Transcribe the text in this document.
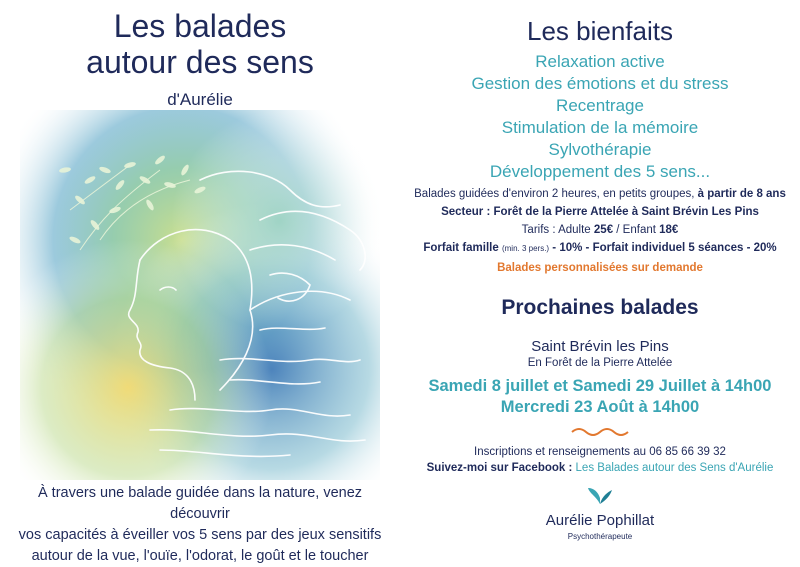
Les balades
autour des sens
d'Aurélie
À travers une balade guidée dans la nature, venez découvrir
vos capacités à éveiller vos 5 sens par des jeux sensitifs
autour de la vue, l'ouïe, l'odorat, le goût et le toucher
Les bienfaits
Relaxation active
Gestion des émotions et du stress
Recentrage
Stimulation de la mémoire
Sylvothérapie
Développement des 5 sens...
Balades guidées d'environ 2 heures, en petits groupes, à partir de 8 ans
Secteur : Forêt de la Pierre Attelée à Saint Brévin Les Pins
Tarifs : Adulte 25€ / Enfant 18€
Forfait famille (min. 3 pers.) - 10% - Forfait individuel 5 séances - 20%
Balades personnalisées sur demande
Prochaines balades
Saint Brévin les Pins
En Forêt de la Pierre Attelée
Samedi 8 juillet et Samedi 29 Juillet à 14h00
Mercredi 23 Août à 14h00
Inscriptions et renseignements au 06 85 66 39 32
Suivez-moi sur Facebook : Les Balades autour des Sens d'Aurélie
Aurélie Pophillat
Psychothérapeute
